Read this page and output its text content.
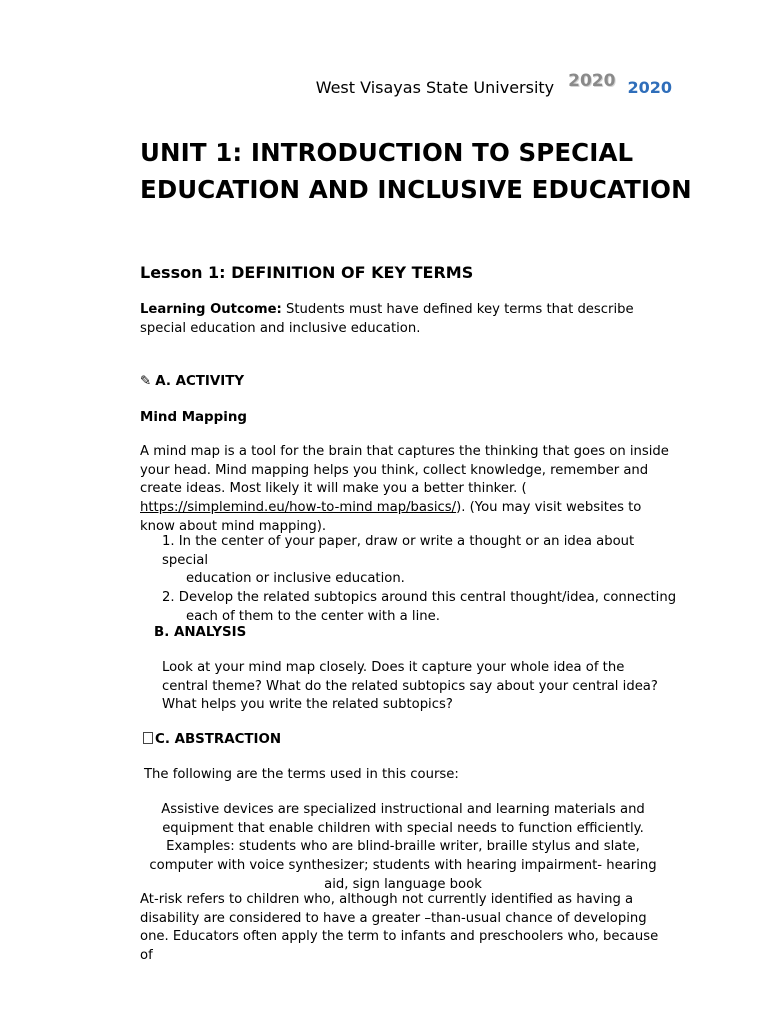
West Visayas State University 2020 2020
UNIT 1: INTRODUCTION TO SPECIAL EDUCATION AND INCLUSIVE EDUCATION
Lesson 1: DEFINITION OF KEY TERMS

Learning Outcome: Students must have defined key terms that describe special education and inclusive education.

✎ A. ACTIVITY
Mind Mapping

A mind map is a tool for the brain that captures the thinking that goes on inside your head. Mind mapping helps you think, collect knowledge, remember and create ideas. Most likely it will make you a better thinker. ( https://simplemind.eu/how-to-mind map/basics/). (You may visit websites to know about mind mapping).

1. In the center of your paper, draw or write a thought or an idea about special
education or inclusive education.
2. Develop the related subtopics around this central thought/idea, connecting
each of them to the center with a line.
B. ANALYSIS

Look at your mind map closely. Does it capture your whole idea of the central theme? What do the related subtopics say about your central idea? What helps you write the related subtopics?

C. ABSTRACTION

The following are the terms used in this course:

Assistive devices are specialized instructional and learning materials and equipment that enable children with special needs to function efficiently. Examples: students who are blind-braille writer, braille stylus and slate, computer with voice synthesizer; students with hearing impairment- hearing aid, sign language book

At-risk refers to children who, although not currently identified as having a disability are considered to have a greater –than-usual chance of developing one. Educators often apply the term to infants and preschoolers who, because of
